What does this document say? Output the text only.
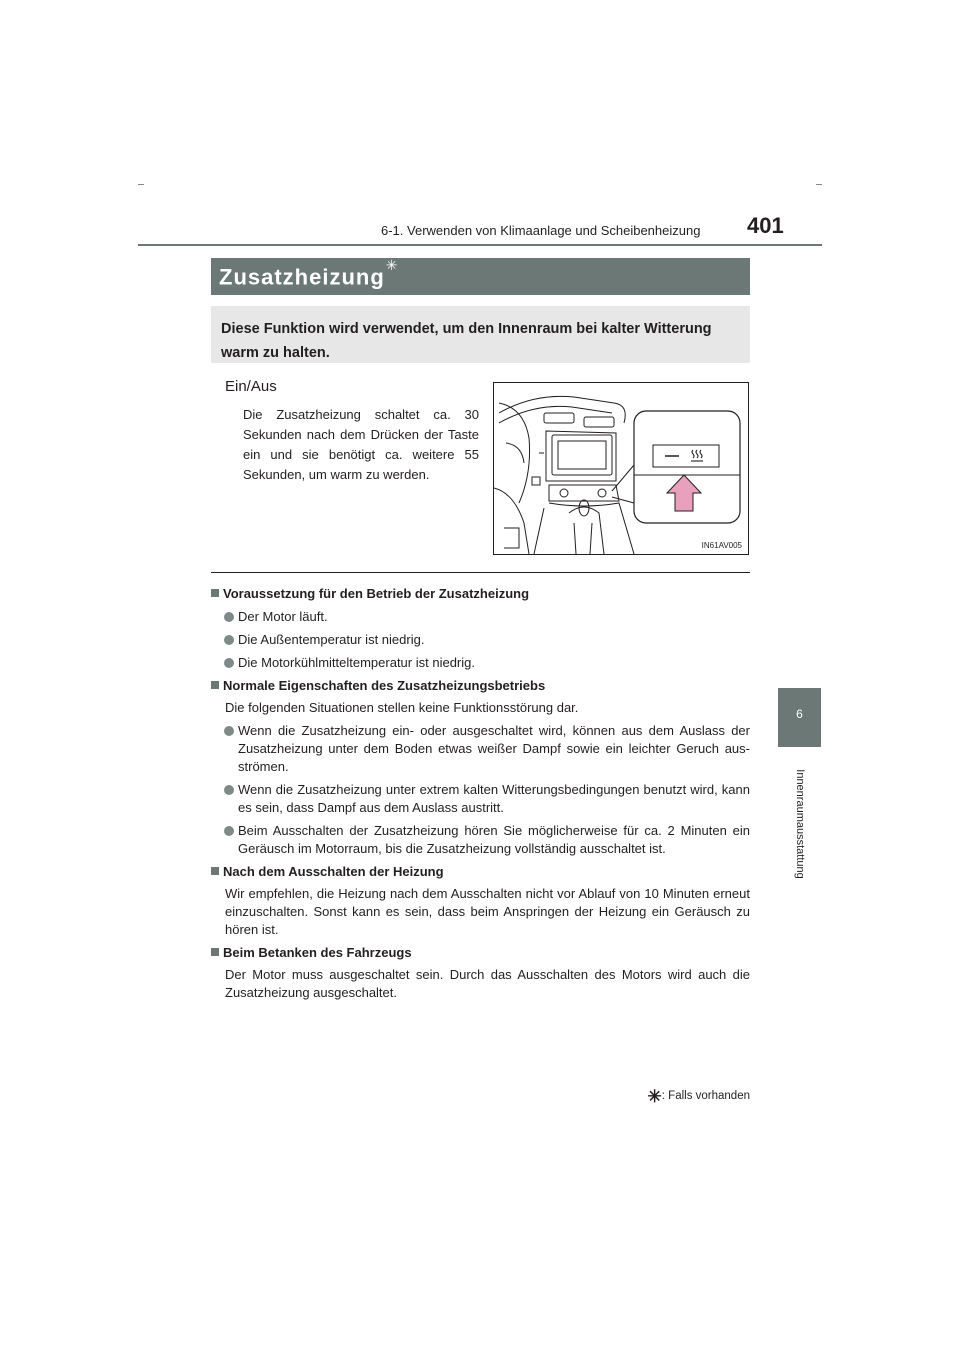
6-1. Verwenden von Klimaanlage und Scheibenheizung 401
6
Innenraumausstattung
Zusatzheizung✳

Diese Funktion wird verwendet, um den Innenraum bei kalter Witterung warm zu halten.

Ein/Aus
Die Zusatzheizung schaltet ca. 30 Sekunden nach dem Drücken der Taste ein und sie benötigt ca. weitere 55 Sekunden, um warm zu werden.
IN61AV005
Voraussetzung für den Betrieb der Zusatzheizung
Der Motor läuft.
Die Außentemperatur ist niedrig.
Die Motorkühlmitteltemperatur ist niedrig.
Normale Eigenschaften des Zusatzheizungsbetriebs
Die folgenden Situationen stellen keine Funktionsstörung dar.
Wenn die Zusatzheizung ein- oder ausgeschaltet wird, können aus dem Auslass der Zusatzheizung unter dem Boden etwas weißer Dampf sowie ein leichter Geruch aus-strömen.
Wenn die Zusatzheizung unter extrem kalten Witterungsbedingungen benutzt wird, kann es sein, dass Dampf aus dem Auslass austritt.
Beim Ausschalten der Zusatzheizung hören Sie möglicherweise für ca. 2 Minuten ein Geräusch im Motorraum, bis die Zusatzheizung vollständig ausschaltet ist.
Nach dem Ausschalten der Heizung
Wir empfehlen, die Heizung nach dem Ausschalten nicht vor Ablauf von 10 Minuten erneut einzuschalten. Sonst kann es sein, dass beim Anspringen der Heizung ein Geräusch zu hören ist.
Beim Betanken des Fahrzeugs
Der Motor muss ausgeschaltet sein. Durch das Ausschalten des Motors wird auch die Zusatzheizung ausgeschaltet.
✳: Falls vorhanden
